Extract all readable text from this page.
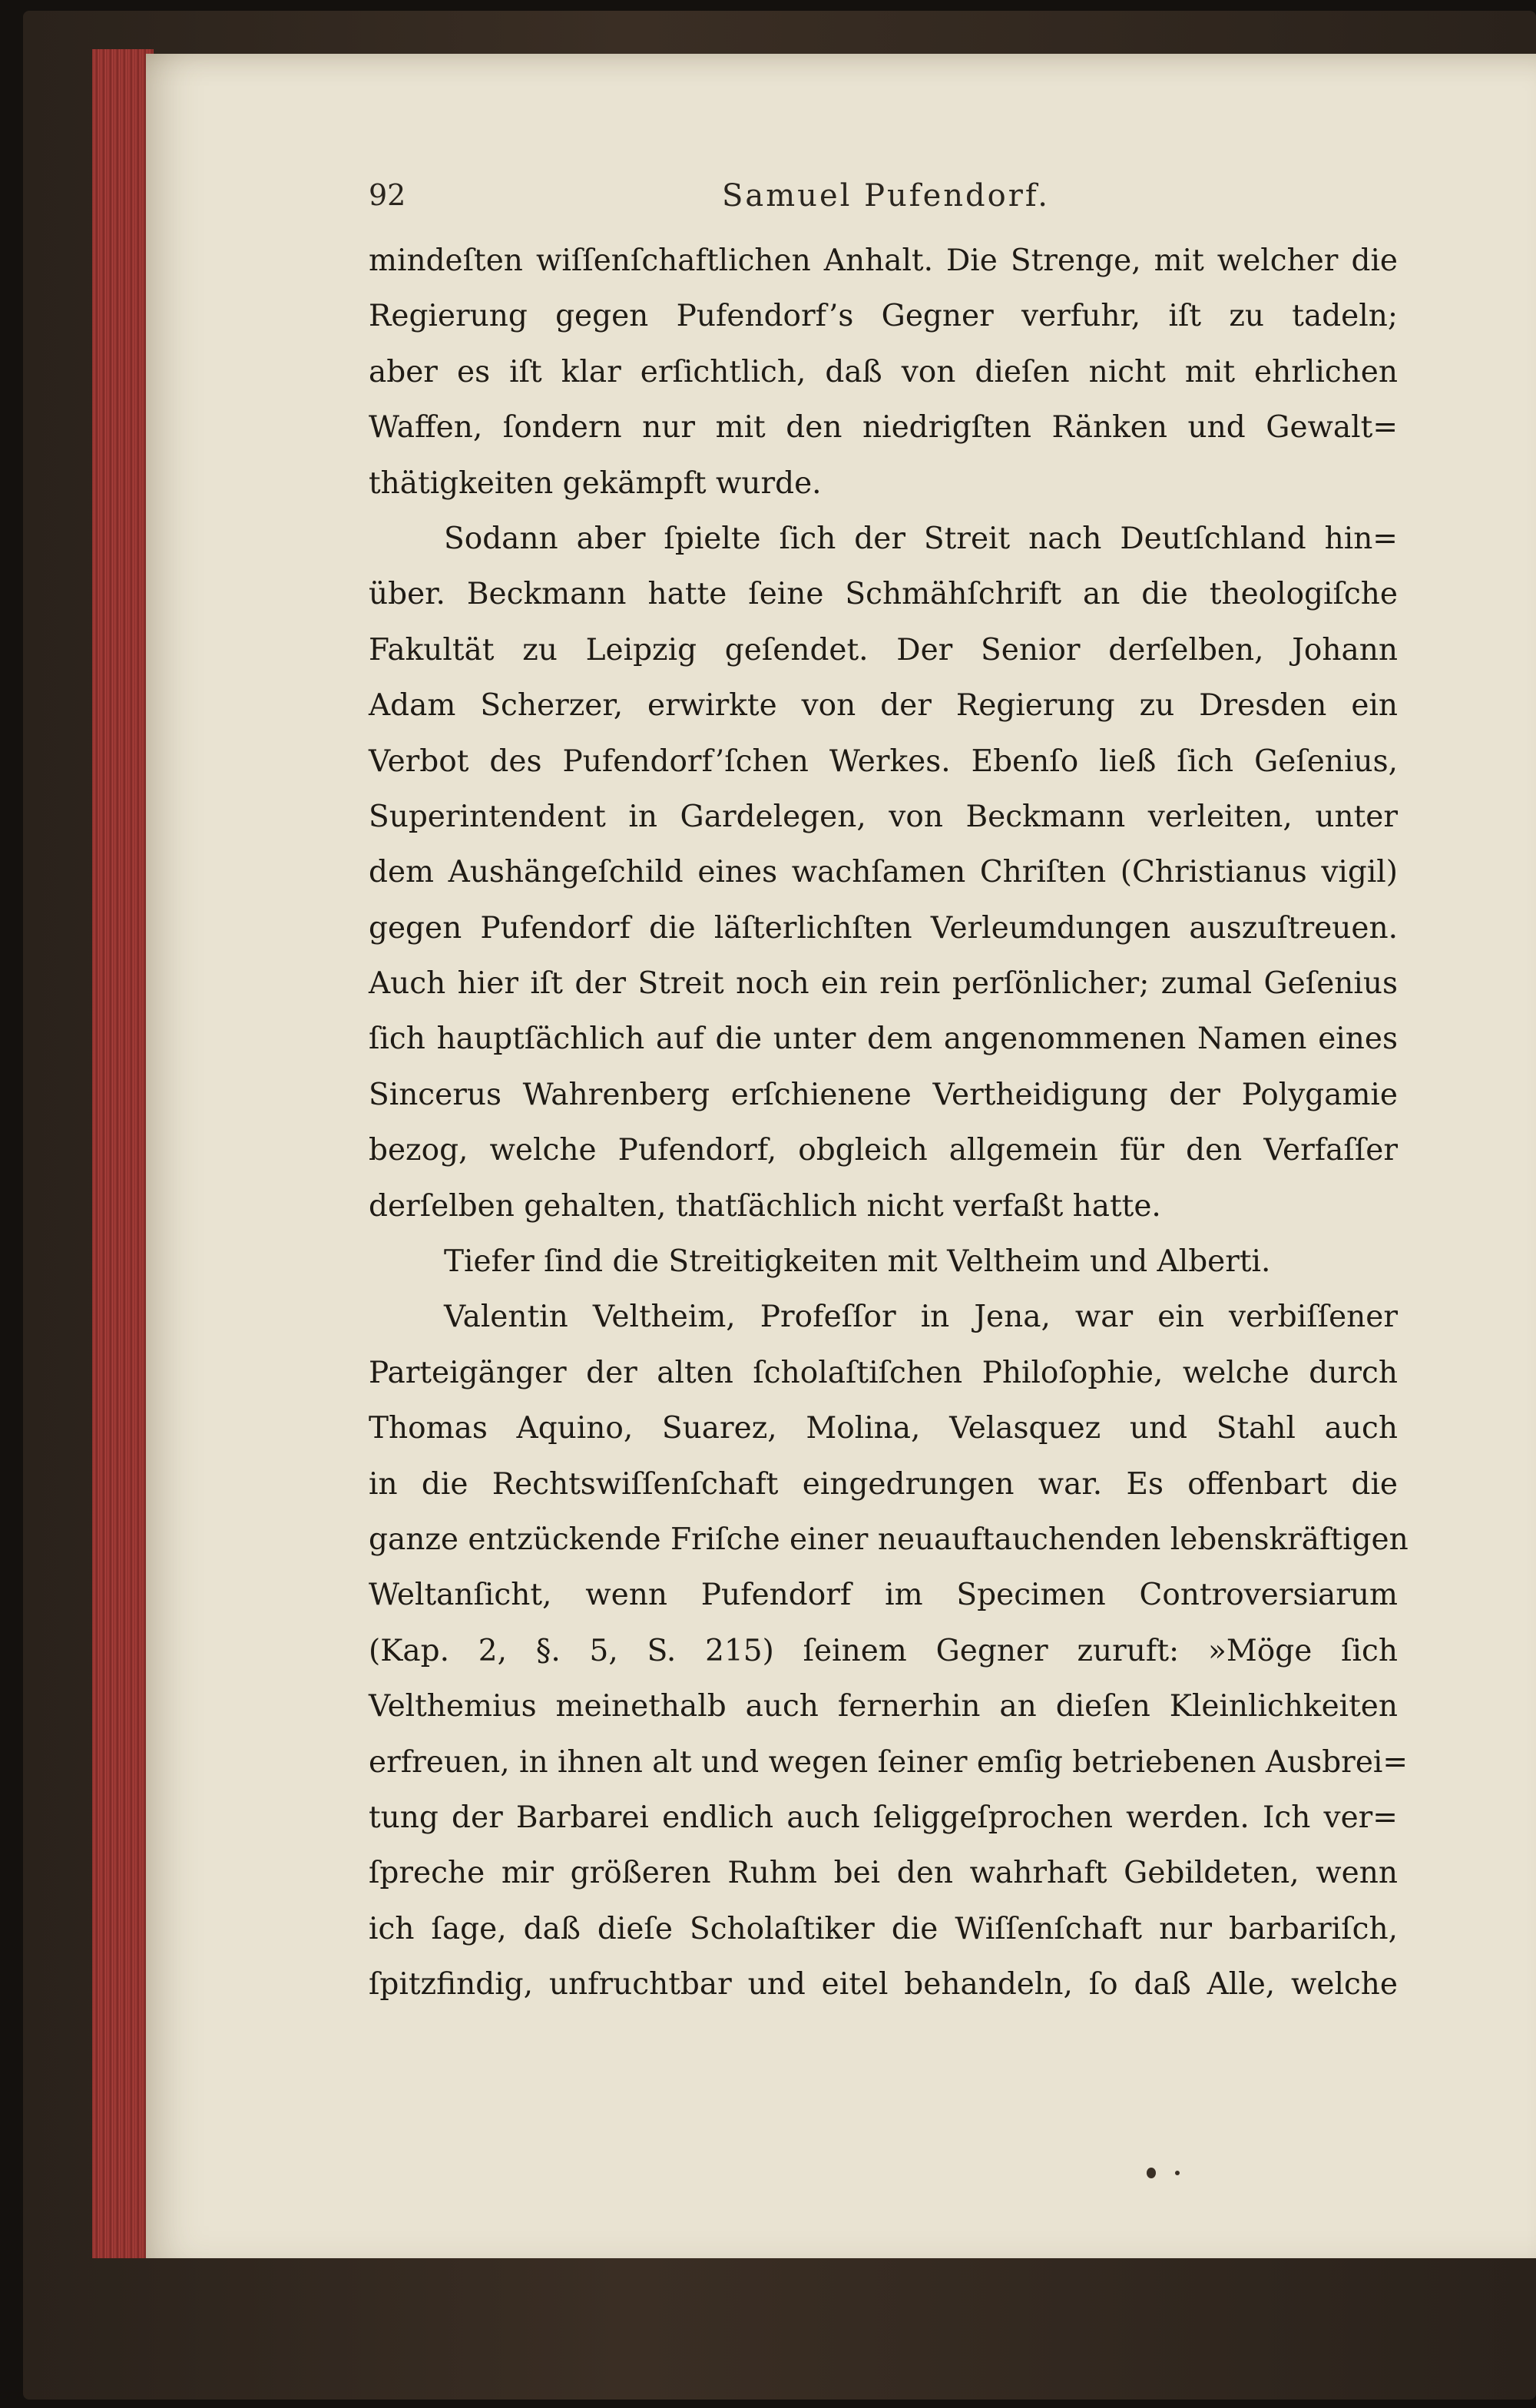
92	Samuel Pufendorf.
mindeſten wiſſenſchaftlichen Anhalt. Die Strenge, mit welcher die
Regierung gegen Pufendorf’s Gegner verfuhr, iſt zu tadeln;
aber es iſt klar erſichtlich, daß von dieſen nicht mit ehrlichen
Waffen, ſondern nur mit den niedrigſten Ränken und Gewalt=
thätigkeiten gekämpft wurde.
Sodann aber ſpielte ſich der Streit nach Deutſchland hin=
über. Beckmann hatte ſeine Schmähſchrift an die theologiſche
Fakultät zu Leipzig geſendet. Der Senior derſelben, Johann
Adam Scherzer, erwirkte von der Regierung zu Dresden ein
Verbot des Pufendorf’ſchen Werkes. Ebenſo ließ ſich Geſenius,
Superintendent in Gardelegen, von Beckmann verleiten, unter
dem Aushängeſchild eines wachſamen Chriſten (Christianus vigil)
gegen Pufendorf die läſterlichſten Verleumdungen auszuſtreuen.
Auch hier iſt der Streit noch ein rein perſönlicher; zumal Geſenius
ſich hauptſächlich auf die unter dem angenommenen Namen eines
Sincerus Wahrenberg erſchienene Vertheidigung der Polygamie
bezog, welche Pufendorf, obgleich allgemein für den Verfaſſer
derſelben gehalten, thatſächlich nicht verfaßt hatte.
Tiefer ſind die Streitigkeiten mit Veltheim und Alberti.
Valentin Veltheim, Profeſſor in Jena, war ein verbiſſener
Parteigänger der alten ſcholaſtiſchen Philoſophie, welche durch
Thomas Aquino, Suarez, Molina, Velasquez und Stahl auch
in die Rechtswiſſenſchaft eingedrungen war. Es offenbart die
ganze entzückende Friſche einer neuauftauchenden lebenskräftigen
Weltanſicht, wenn Pufendorf im Specimen Controversiarum
(Kap. 2, §. 5, S. 215) ſeinem Gegner zuruft: »Möge ſich
Velthemius meinethalb auch fernerhin an dieſen Kleinlichkeiten
erfreuen, in ihnen alt und wegen ſeiner emſig betriebenen Ausbrei=
tung der Barbarei endlich auch ſeliggeſprochen werden. Ich ver=
ſpreche mir größeren Ruhm bei den wahrhaft Gebildeten, wenn
ich ſage, daß dieſe Scholaſtiker die Wiſſenſchaft nur barbariſch,
ſpitzfindig, unfruchtbar und eitel behandeln, ſo daß Alle, welche
